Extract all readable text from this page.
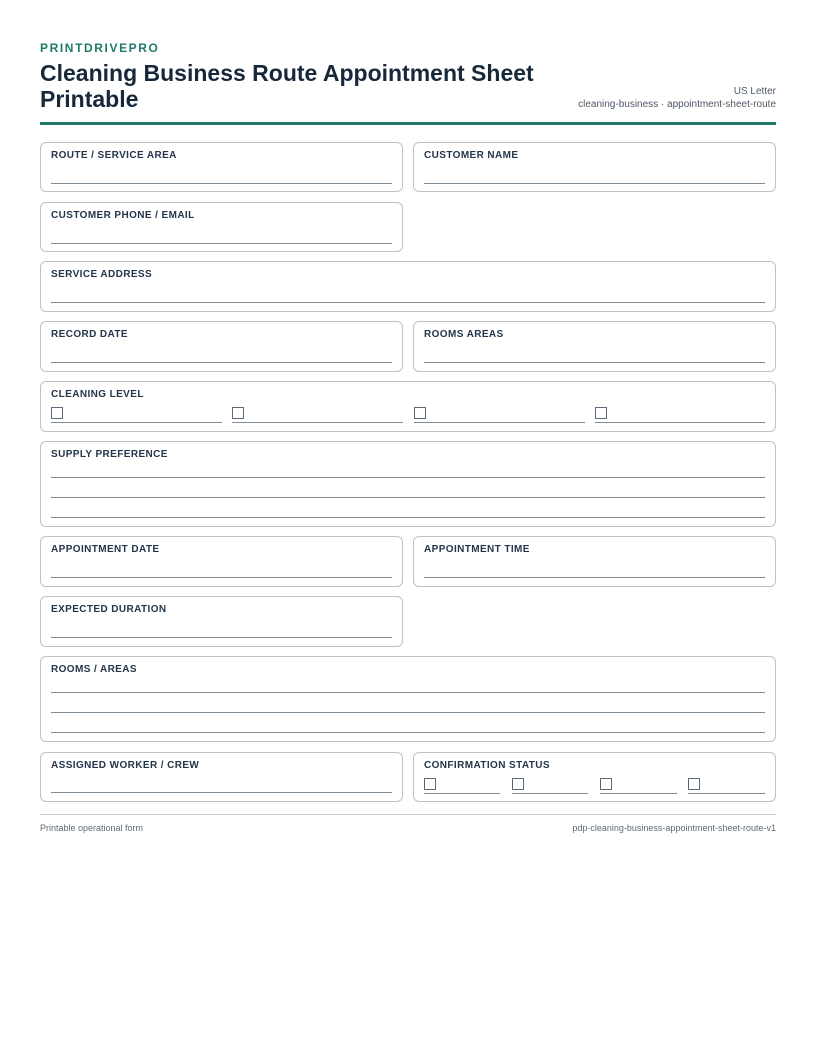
PRINTDRIVEPRO
Cleaning Business Route Appointment Sheet Printable	US Letter
cleaning-business · appointment-sheet-route
ROUTE / SERVICE AREA	CUSTOMER NAME
CUSTOMER PHONE / EMAIL
SERVICE ADDRESS
RECORD DATE	ROOMS AREAS
CLEANING LEVEL
SUPPLY PREFERENCE
APPOINTMENT DATE	APPOINTMENT TIME
EXPECTED DURATION
ROOMS / AREAS
ASSIGNED WORKER / CREW	CONFIRMATION STATUS
Printable operational form	pdp-cleaning-business-appointment-sheet-route-v1
